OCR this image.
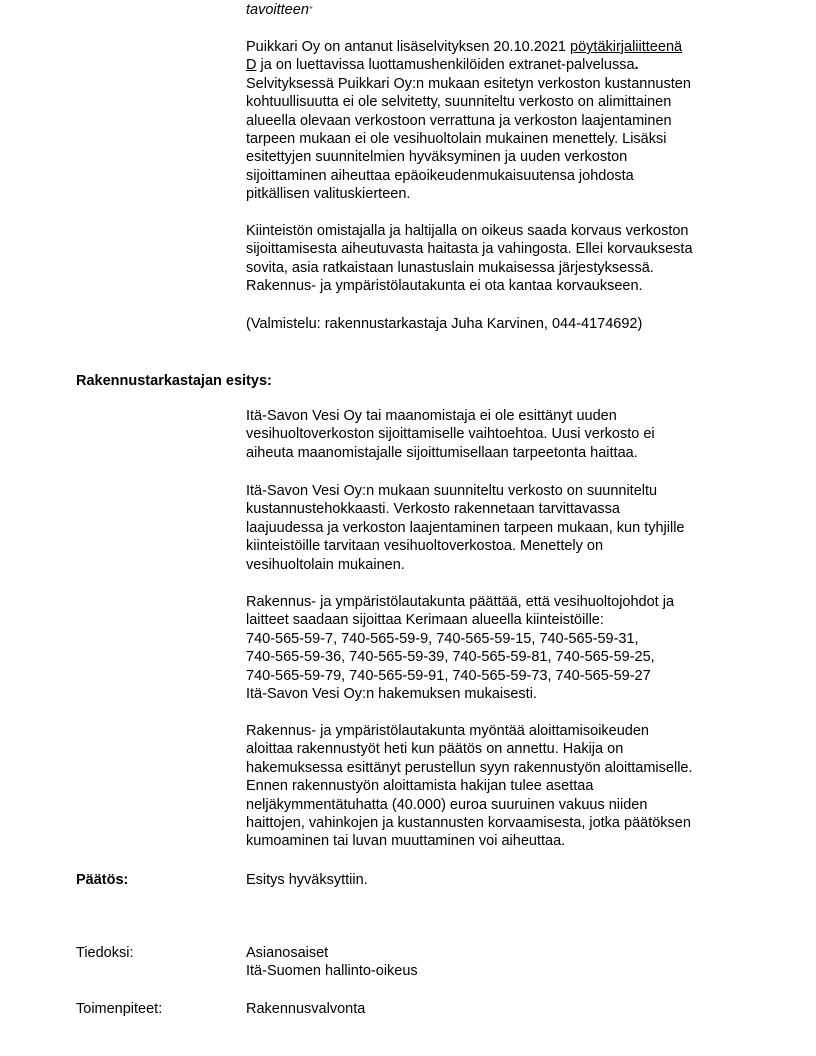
tavoitteen"

Puikkari Oy on antanut lisäselvityksen 20.10.2021 pöytäkirjaliitteenä
D ja on luettavissa luottamushenkilöiden extranet-palvelussa.
Selvityksessä Puikkari Oy:n mukaan esitetyn verkoston kustannusten
kohtuullisuutta ei ole selvitetty, suunniteltu verkosto on alimittainen
alueella olevaan verkostoon verrattuna ja verkoston laajentaminen
tarpeen mukaan ei ole vesihuoltolain mukainen menettely. Lisäksi
esitettyjen suunnitelmien hyväksyminen ja uuden verkoston
sijoittaminen aiheuttaa epäoikeudenmukaisuutensa johdosta
pitkällisen valituskierteen.

Kiinteistön omistajalla ja haltijalla on oikeus saada korvaus verkoston
sijoittamisesta aiheutuvasta haitasta ja vahingosta. Ellei korvauksesta
sovita, asia ratkaistaan lunastuslain mukaisessa järjestyksessä.
Rakennus- ja ympäristölautakunta ei ota kantaa korvaukseen.

(Valmistelu: rakennustarkastaja Juha Karvinen, 044-4174692)

Rakennustarkastajan esitys:

Itä-Savon Vesi Oy tai maanomistaja ei ole esittänyt uuden
vesihuoltoverkoston sijoittamiselle vaihtoehtoa. Uusi verkosto ei
aiheuta maanomistajalle sijoittumisellaan tarpeetonta haittaa.

Itä-Savon Vesi Oy:n mukaan suunniteltu verkosto on suunniteltu
kustannustehokkaasti. Verkosto rakennetaan tarvittavassa
laajuudessa ja verkoston laajentaminen tarpeen mukaan, kun tyhjille
kiinteistöille tarvitaan vesihuoltoverkostoa. Menettely on
vesihuoltolain mukainen.

Rakennus- ja ympäristölautakunta päättää, että vesihuoltojohdot ja
laitteet saadaan sijoittaa Kerimaan alueella kiinteistöille:
740-565-59-7, 740-565-59-9, 740-565-59-15, 740-565-59-31,
740-565-59-36, 740-565-59-39, 740-565-59-81, 740-565-59-25,
740-565-59-79, 740-565-59-91, 740-565-59-73, 740-565-59-27
Itä-Savon Vesi Oy:n hakemuksen mukaisesti.

Rakennus- ja ympäristölautakunta myöntää aloittamisoikeuden
aloittaa rakennustyöt heti kun päätös on annettu. Hakija on
hakemuksessa esittänyt perustellun syyn rakennustyön aloittamiselle.
Ennen rakennustyön aloittamista hakijan tulee asettaa
neljäkymmentätuhatta (40.000) euroa suuruinen vakuus niiden
haittojen, vahinkojen ja kustannusten korvaamisesta, jotka päätöksen
kumoaminen tai luvan muuttaminen voi aiheuttaa.

Päätös:	Esitys hyväksyttiin.
Tiedoksi:	Asianosaiset
Itä-Suomen hallinto-oikeus

Toimenpiteet:	Rakennusvalvonta
